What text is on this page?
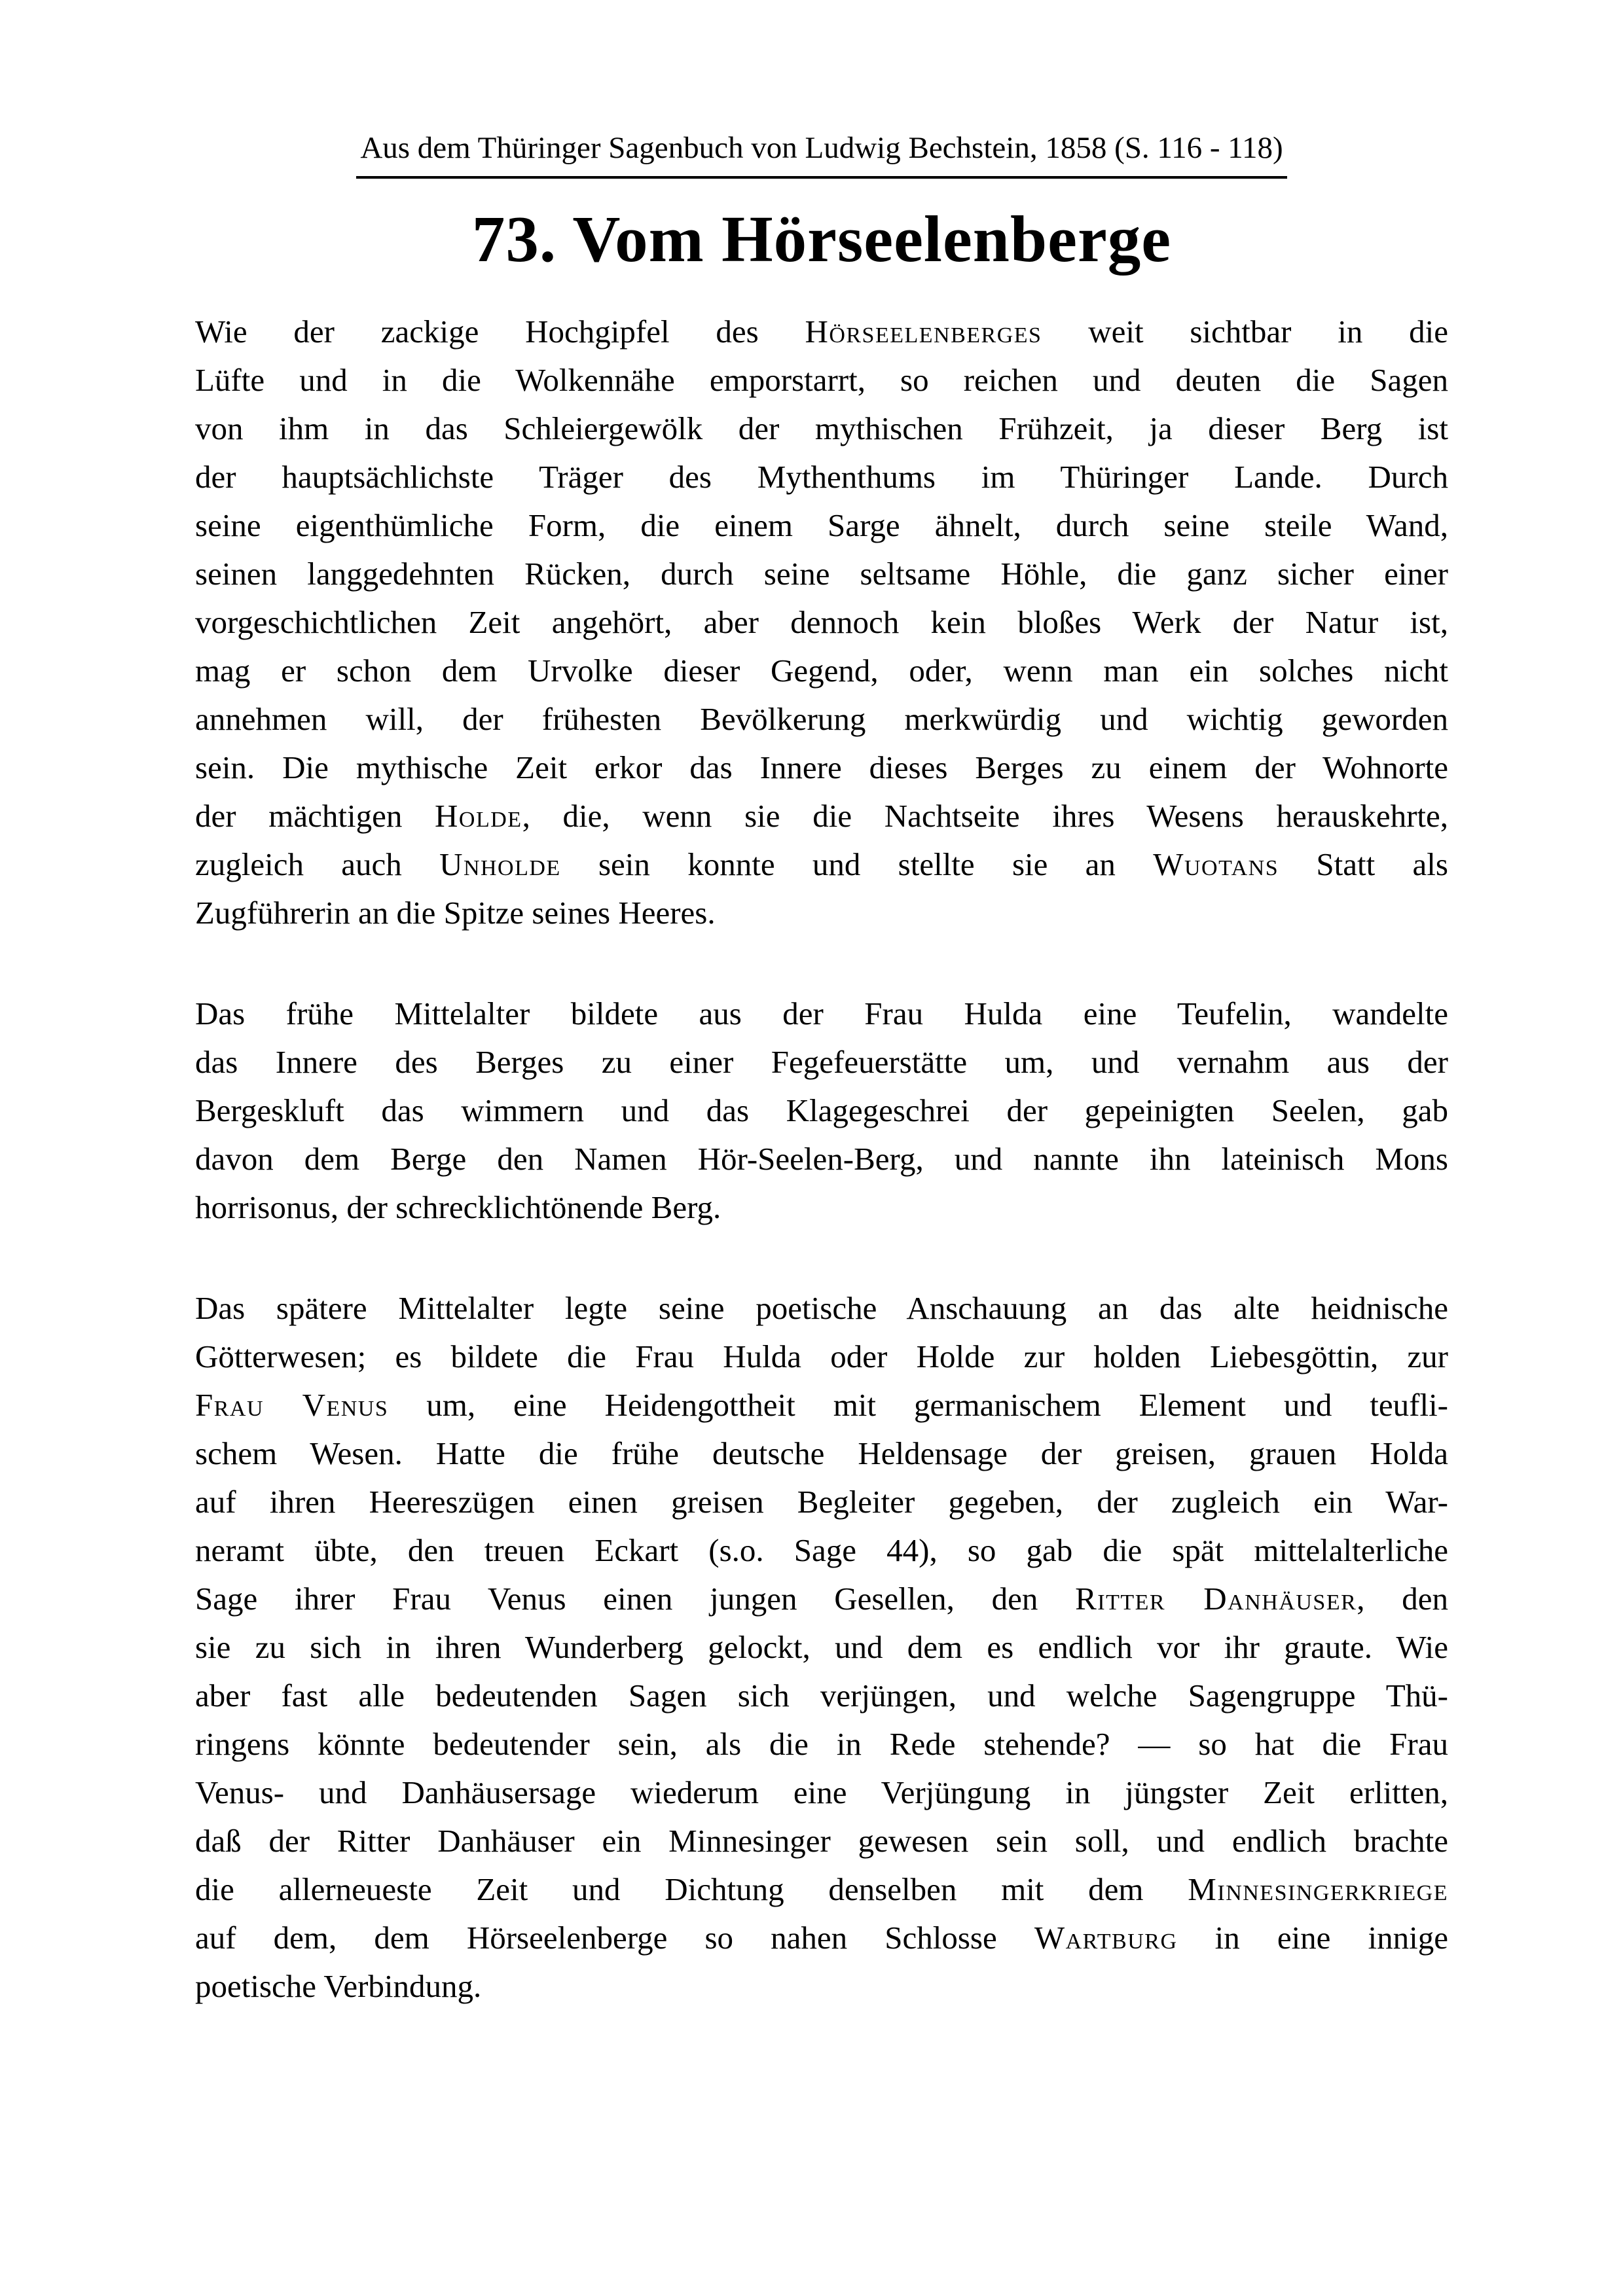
Aus dem Thüringer Sagenbuch von Ludwig Bechstein, 1858 (S. 116 - 118)
73. Vom Hörseelenberge
Wie der zackige Hochgipfel des Hörseelenberges weit sichtbar in die
Lüfte und in die Wolkennähe emporstarrt, so reichen und deuten die Sagen
von ihm in das Schleiergewölk der mythischen Frühzeit, ja dieser Berg ist
der hauptsächlichste Träger des Mythenthums im Thüringer Lande. Durch
seine eigenthümliche Form, die einem Sarge ähnelt, durch seine steile Wand,
seinen langgedehnten Rücken, durch seine seltsame Höhle, die ganz sicher einer
vorgeschichtlichen Zeit angehört, aber dennoch kein bloßes Werk der Natur ist,
mag er schon dem Urvolke dieser Gegend, oder, wenn man ein solches nicht
annehmen will, der frühesten Bevölkerung merkwürdig und wichtig geworden
sein. Die mythische Zeit erkor das Innere dieses Berges zu einem der Wohnorte
der mächtigen Holde, die, wenn sie die Nachtseite ihres Wesens herauskehrte,
zugleich auch Unholde sein konnte und stellte sie an Wuotans Statt als
Zugführerin an die Spitze seines Heeres.
Das frühe Mittelalter bildete aus der Frau Hulda eine Teufelin, wandelte
das Innere des Berges zu einer Fegefeuerstätte um, und vernahm aus der
Bergeskluft das wimmern und das Klagegeschrei der gepeinigten Seelen, gab
davon dem Berge den Namen Hör-Seelen-Berg, und nannte ihn lateinisch Mons
horrisonus, der schrecklichtönende Berg.
Das spätere Mittelalter legte seine poetische Anschauung an das alte heidnische
Götterwesen; es bildete die Frau Hulda oder Holde zur holden Liebesgöttin, zur
Frau Venus um, eine Heidengottheit mit germanischem Element und teufli-
schem Wesen. Hatte die frühe deutsche Heldensage der greisen, grauen Holda
auf ihren Heereszügen einen greisen Begleiter gegeben, der zugleich ein War-
neramt übte, den treuen Eckart (s.o. Sage 44), so gab die spät mittelalterliche
Sage ihrer Frau Venus einen jungen Gesellen, den Ritter Danhäuser, den
sie zu sich in ihren Wunderberg gelockt, und dem es endlich vor ihr graute. Wie
aber fast alle bedeutenden Sagen sich verjüngen, und welche Sagengruppe Thü-
ringens könnte bedeutender sein, als die in Rede stehende? — so hat die Frau
Venus- und Danhäusersage wiederum eine Verjüngung in jüngster Zeit erlitten,
daß der Ritter Danhäuser ein Minnesinger gewesen sein soll, und endlich brachte
die allerneueste Zeit und Dichtung denselben mit dem Minnesingerkriege
auf dem, dem Hörseelenberge so nahen Schlosse Wartburg in eine innige
poetische Verbindung.
